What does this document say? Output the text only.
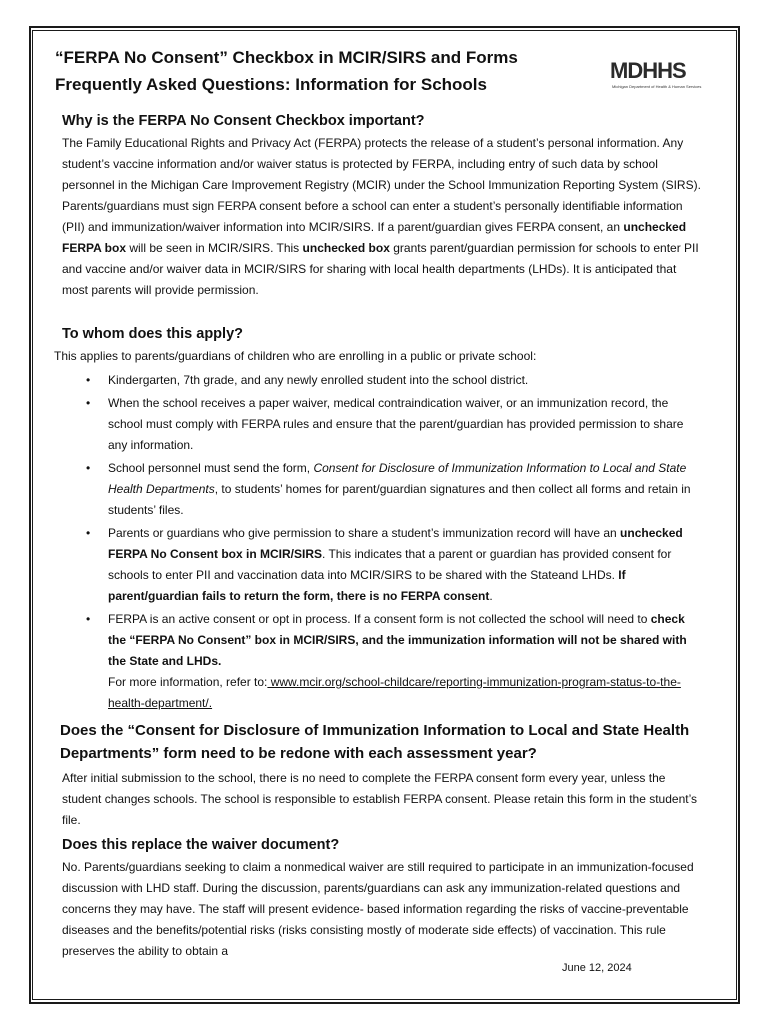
“FERPA No Consent” Checkbox in MCIR/SIRS and Forms
Frequently Asked Questions: Information for Schools
MDHHS
Michigan Department of Health & Human Services
Why is the FERPA No Consent Checkbox important?

The Family Educational Rights and Privacy Act (FERPA) protects the release of a student’s personal information. Any student’s vaccine information and/or waiver status is protected by FERPA, including entry of such data by school personnel in the Michigan Care Improvement Registry (MCIR) under the School Immunization Reporting System (SIRS). Parents/guardians must sign FERPA consent before a school can enter a student’s personally identifiable information (PII) and immunization/waiver information into MCIR/SIRS. If a parent/guardian gives FERPA consent, an unchecked FERPA box will be seen in MCIR/SIRS. This unchecked box grants parent/guardian permission for schools to enter PII and vaccine and/or waiver data in MCIR/SIRS for sharing with local health departments (LHDs). It is anticipated that most parents will provide permission.

To whom does this apply?

This applies to parents/guardians of children who are enrolling in a public or private school:

• Kindergarten, 7th grade, and any newly enrolled student into the school district.
• When the school receives a paper waiver, medical contraindication waiver, or an immunization record, the school must comply with FERPA rules and ensure that the parent/guardian has provided permission to share any information.
• School personnel must send the form, Consent for Disclosure of Immunization Information to Local and State Health Departments, to students’ homes for parent/guardian signatures and then collect all forms and retain in students’ files.
• Parents or guardians who give permission to share a student’s immunization record will have an unchecked FERPA No Consent box in MCIR/SIRS. This indicates that a parent or guardian has provided consent for schools to enter PII and vaccination data into MCIR/SIRS to be shared with the Stateand LHDs. If parent/guardian fails to return the form, there is no FERPA consent.
• FERPA is an active consent or opt in process. If a consent form is not collected the school will need to check the “FERPA No Consent” box in MCIR/SIRS, and the immunization information will not be shared with the State and LHDs.
For more information, refer to: www.mcir.org/school-childcare/reporting-immunization-program-status-to-the-health-department/.
Does the “Consent for Disclosure of Immunization Information to Local and State Health Departments” form need to be redone with each assessment year?

After initial submission to the school, there is no need to complete the FERPA consent form every year, unless the student changes schools. The school is responsible to establish FERPA consent. Please retain this form in the student’s file.

Does this replace the waiver document?

No. Parents/guardians seeking to claim a nonmedical waiver are still required to participate in an immunization-focused discussion with LHD staff. During the discussion, parents/guardians can ask any immunization-related questions and concerns they may have. The staff will present evidence- based information regarding the risks of vaccine-preventable diseases and the benefits/potential risks (risks consisting mostly of moderate side effects) of vaccination. This rule preserves the ability to obtain a

June 12, 2024
